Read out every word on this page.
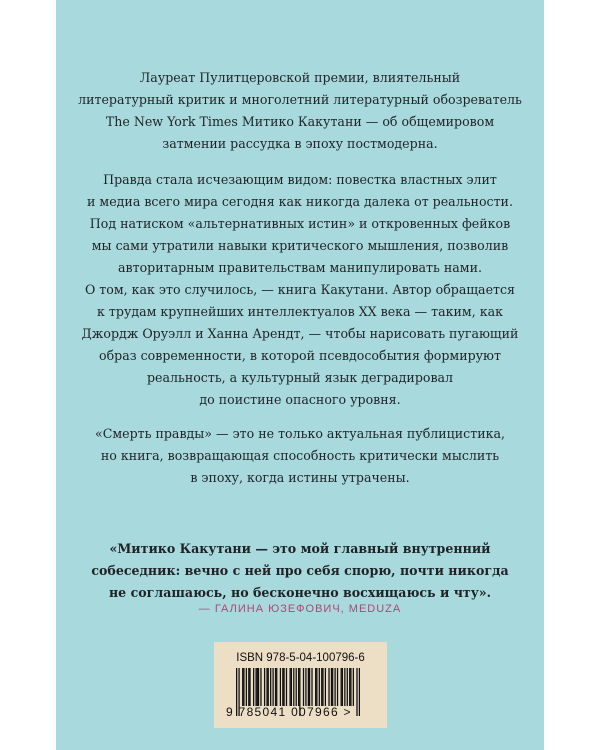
Лауреат Пулитцеровской премии, влиятельный
литературный критик и многолетний литературный обозреватель
The New York Times Митико Какутани — об общемировом
затмении рассудка в эпоху постмодерна.
Правда стала исчезающим видом: повестка властных элит
и медиа всего мира сегодня как никогда далека от реальности.
Под натиском «альтернативных истин» и откровенных фейков
мы сами утратили навыки критического мышления, позволив
авторитарным правительствам манипулировать нами.
О том, как это случилось, — книга Какутани. Автор обращается
к трудам крупнейших интеллектуалов XX века — таким, как
Джордж Оруэлл и Ханна Арендт, — чтобы нарисовать пугающий
образ современности, в которой псевдособытия формируют
реальность, а культурный язык деградировал
до поистине опасного уровня.
«Смерть правды» — это не только актуальная публицистика,
но книга, возвращающая способность критически мыслить
в эпоху, когда истины утрачены.
«Митико Какутани — это мой главный внутренний
собеседник: вечно с ней про себя спорю, почти никогда
не соглашаюсь, но бесконечно восхищаюсь и чту».
— ГАЛИНА ЮЗЕФОВИЧ, MEDUZA
ISBN 978-5-04-100796-6
9 785041 007966 >
